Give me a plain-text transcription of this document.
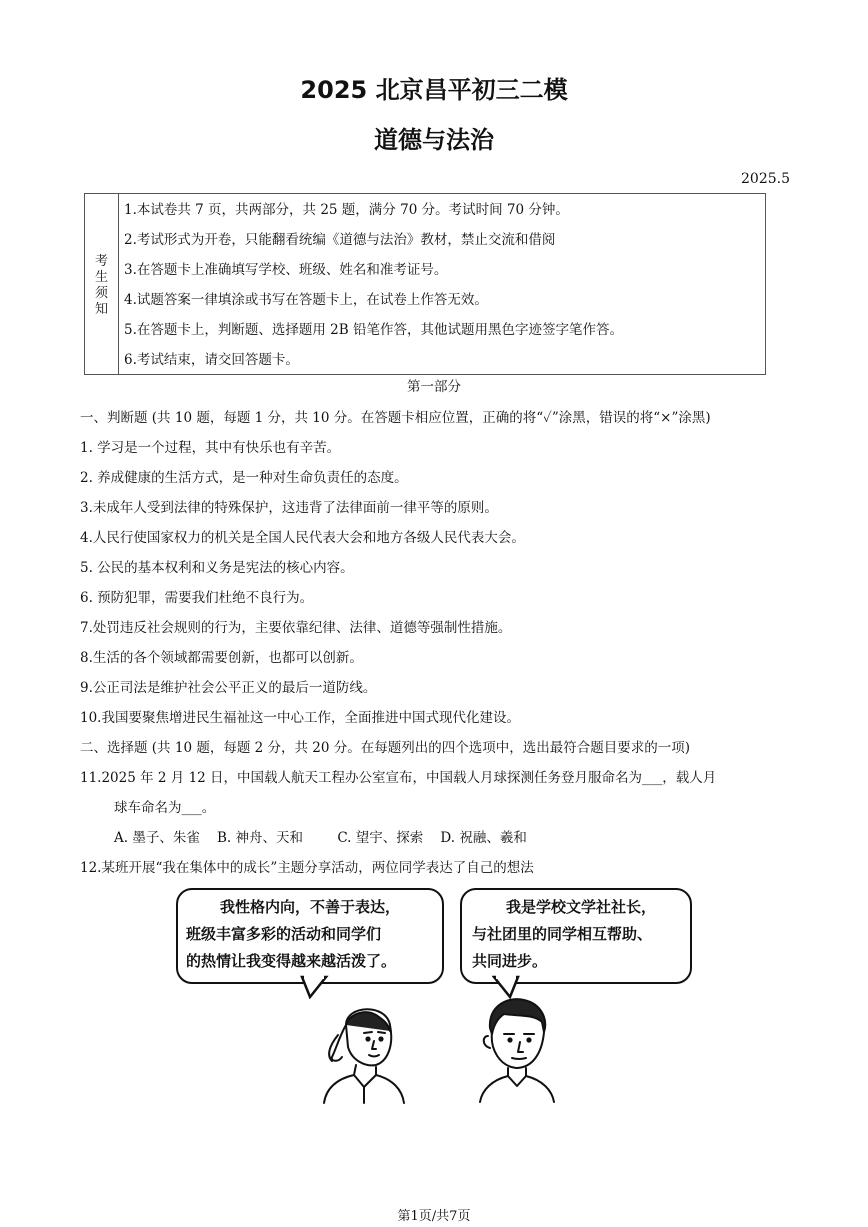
2025 北京昌平初三二模
道德与法治
2025.5
考
生
须
知
1.本试卷共 7 页，共两部分，共 25 题，满分 70 分。考试时间 70 分钟。
2.考试形式为开卷，只能翻看统编《道德与法治》教材，禁止交流和借阅
3.在答题卡上准确填写学校、班级、姓名和准考证号。
4.试题答案一律填涂或书写在答题卡上，在试卷上作答无效。
5.在答题卡上，判断题、选择题用 2B 铅笔作答，其他试题用黑色字迹签字笔作答。
6.考试结束，请交回答题卡。
第一部分
一、判断题 (共 10 题，每题 1 分，共 10 分。在答题卡相应位置，正确的将“✓”涂黑，错误的将“×”涂黑)
1. 学习是一个过程，其中有快乐也有辛苦。
2. 养成健康的生活方式，是一种对生命负责任的态度。
3.未成年人受到法律的特殊保护，这违背了法律面前一律平等的原则。
4.人民行使国家权力的机关是全国人民代表大会和地方各级人民代表大会。
5. 公民的基本权利和义务是宪法的核心内容。
6. 预防犯罪，需要我们杜绝不良行为。
7.处罚违反社会规则的行为，主要依靠纪律、法律、道德等强制性措施。
8.生活的各个领域都需要创新，也都可以创新。
9.公正司法是维护社会公平正义的最后一道防线。
10.我国要聚焦增进民生福祉这一中心工作，全面推进中国式现代化建设。
二、选择题 (共 10 题，每题 2 分，共 20 分。在每题列出的四个选项中，选出最符合题目要求的一项)
11.2025 年 2 月 12 日，中国载人航天工程办公室宣布，中国载人月球探测任务登月服命名为___，载人月
球车命名为___。
A. 墨子、朱雀    B. 神舟、天和        C. 望宇、探索    D. 祝融、羲和
12.某班开展“我在集体中的成长”主题分享活动，两位同学表达了自己的想法
我性格内向，不善于表达，
班级丰富多彩的活动和同学们
的热情让我变得越来越活泼了。
我是学校文学社社长，
与社团里的同学相互帮助、
共同进步。
第1页/共7页
